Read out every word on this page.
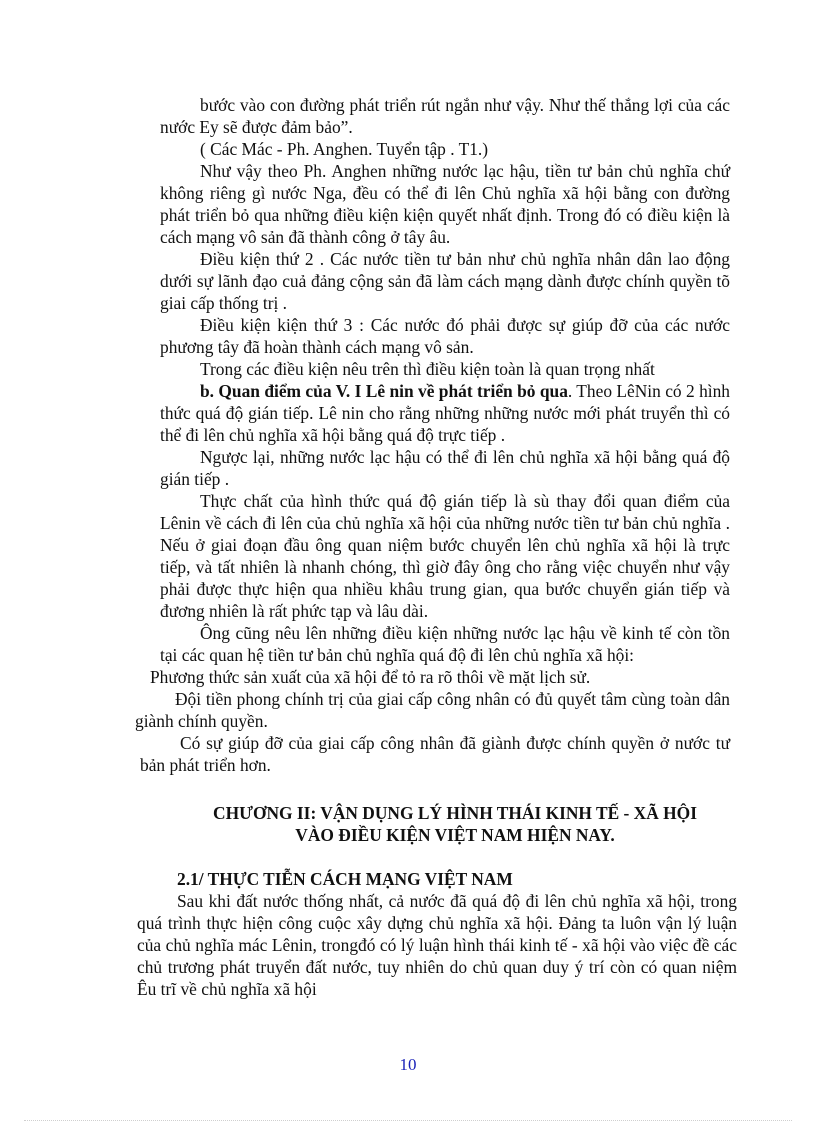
bước vào con đường phát triển rút ngắn như vậy. Như thế thắng lợi của các nước Ey sẽ được đảm bảo”.

( Các Mác - Ph. Anghen. Tuyển tập . T1.)

Như vậy theo Ph. Anghen những nước lạc hậu, tiền tư bản chủ nghĩa chứ không riêng gì nước Nga, đều có thể đi lên Chủ nghĩa xã hội bằng con đường phát triển bỏ qua những điều kiện kiện quyết nhất định. Trong đó có điều kiện là cách mạng vô sản đã thành công ở tây âu.

Điều kiện thứ 2 . Các nước tiền tư bản như chủ nghĩa nhân dân lao động dưới sự lãnh đạo cuả đảng cộng sản đã làm cách mạng dành được chính quyền tõ giai cấp thống trị .

Điều kiện kiện thứ 3 : Các nước đó phải được sự giúp đỡ của các nước phương tây đã hoàn thành cách mạng vô sản.

Trong các điều kiện nêu trên thì điều kiện toàn là quan trọng nhất

b. Quan điểm của V. I Lê nin về phát triển bỏ qua. Theo LêNin có 2 hình thức quá độ gián tiếp. Lê nin cho rằng những những nước mới phát truyển thì có thể đi lên chủ nghĩa xã hội bằng quá độ trực tiếp .

Ngược lại, những nước lạc hậu có thể đi lên chủ nghĩa xã hội bằng quá độ gián tiếp .

Thực chất của hình thức quá độ gián tiếp là sù thay đổi quan điểm của Lênin về cách đi lên của chủ nghĩa xã hội của những nước tiền tư bản chủ nghĩa . Nếu ở giai đoạn đầu ông quan niệm bước chuyển lên chủ nghĩa xã hội là trực tiếp, và tất nhiên là nhanh chóng, thì giờ đây ông cho rằng việc chuyển như vậy phải được thực hiện qua nhiều khâu trung gian, qua bước chuyển gián tiếp và đương nhiên là rất phức tạp và lâu dài.

Ông cũng nêu lên những điều kiện những nước lạc hậu về kinh tế còn tồn tại các quan hệ tiền tư bản chủ nghĩa quá độ đi lên chủ nghĩa xã hội:

Phương thức sản xuất của xã hội để tỏ ra rõ thôi về mặt lịch sử.

Đội tiền phong chính trị của giai cấp công nhân có đủ quyết tâm cùng toàn dân giành chính quyền.

Có sự giúp đỡ của giai cấp công nhân đã giành được chính quyền ở nước tư bản phát triển hơn.

CHƯƠNG II: VẬN DỤNG LÝ HÌNH THÁI KINH TẾ - XÃ HỘI
VÀO ĐIỀU KIỆN VIỆT NAM HIỆN NAY.

2.1/ THỰC TIỄN CÁCH MẠNG VIỆT NAM

Sau khi đất nước thống nhất, cả nước đã quá độ đi lên chủ nghĩa xã hội, trong quá trình thực hiện công cuộc xây dựng chủ nghĩa xã hội. Đảng ta luôn vận lý luận của chủ nghĩa mác Lênin, trongđó có lý luận hình thái kinh tế - xã hội vào việc đề các chủ trương phát truyển đất nước, tuy nhiên do chủ quan duy ý trí còn có quan niệm Êu trĩ về chủ nghĩa xã hội

10
